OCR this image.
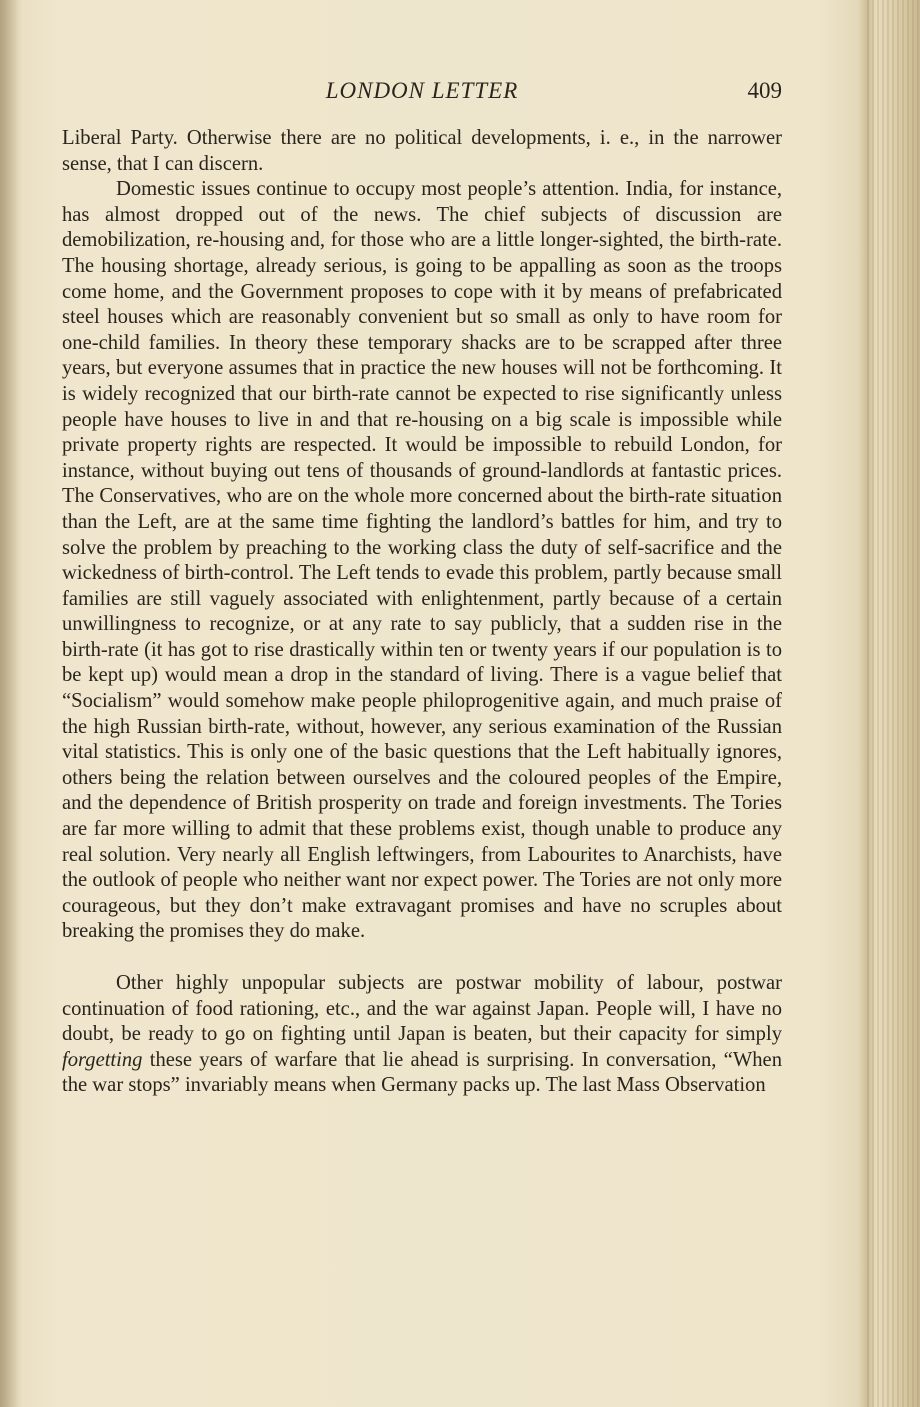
LONDON LETTER	409

Liberal Party. Otherwise there are no political developments, i. e., in the narrower sense, that I can discern.

Domestic issues continue to occupy most people’s attention. India, for instance, has almost dropped out of the news. The chief subjects of discussion are demobilization, re-housing and, for those who are a little longer-sighted, the birth-rate. The housing shortage, already serious, is going to be appalling as soon as the troops come home, and the Government proposes to cope with it by means of prefabricated steel houses which are reasonably convenient but so small as only to have room for one-child families. In theory these temporary shacks are to be scrapped after three years, but everyone assumes that in practice the new houses will not be forthcoming. It is widely recognized that our birth-rate cannot be expected to rise significantly unless people have houses to live in and that re-housing on a big scale is impossible while private property rights are respected. It would be impossible to rebuild London, for instance, without buying out tens of thousands of ground-landlords at fantastic prices. The Conservatives, who are on the whole more concerned about the birth-rate situation than the Left, are at the same time fighting the landlord’s battles for him, and try to solve the problem by preaching to the working class the duty of self-sacrifice and the wickedness of birth-control. The Left tends to evade this problem, partly because small families are still vaguely associated with enlightenment, partly because of a certain unwillingness to recognize, or at any rate to say publicly, that a sudden rise in the birth-rate (it has got to rise drastically within ten or twenty years if our population is to be kept up) would mean a drop in the standard of living. There is a vague belief that “Socialism” would somehow make people philoprogenitive again, and much praise of the high Russian birth-rate, without, however, any serious examination of the Russian vital statistics. This is only one of the basic questions that the Left habitually ignores, others being the relation between ourselves and the coloured peoples of the Empire, and the dependence of British prosperity on trade and foreign investments. The Tories are far more willing to admit that these problems exist, though unable to produce any real solution. Very nearly all English leftwingers, from Labourites to Anarchists, have the outlook of people who neither want nor expect power. The Tories are not only more courageous, but they don’t make extravagant promises and have no scruples about breaking the promises they do make.

Other highly unpopular subjects are postwar mobility of labour, postwar continuation of food rationing, etc., and the war against Japan. People will, I have no doubt, be ready to go on fighting until Japan is beaten, but their capacity for simply forgetting these years of warfare that lie ahead is surprising. In conversation, “When the war stops” invariably means when Germany packs up. The last Mass Observation
